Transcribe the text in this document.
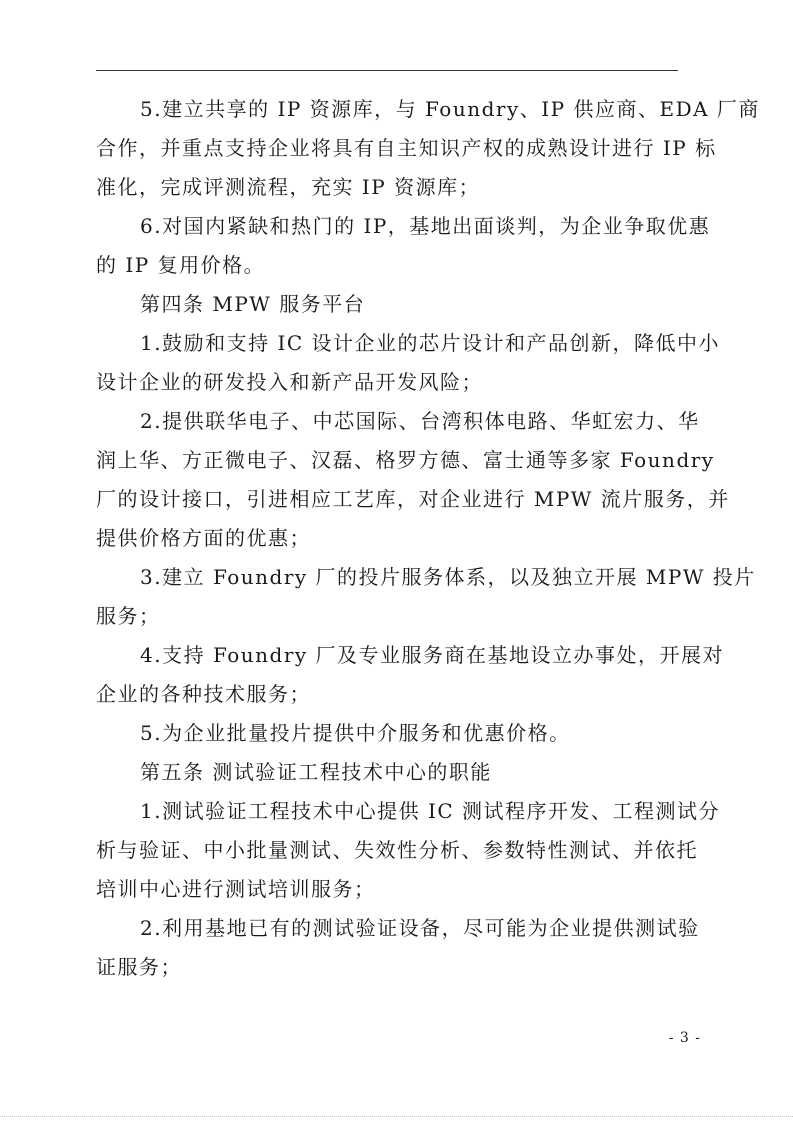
5.建立共享的 IP 资源库，与 Foundry、IP 供应商、EDA 厂商
合作，并重点支持企业将具有自主知识产权的成熟设计进行 IP 标
准化，完成评测流程，充实 IP 资源库；
6.对国内紧缺和热门的 IP，基地出面谈判，为企业争取优惠
的 IP 复用价格。
第四条 MPW 服务平台
1.鼓励和支持 IC 设计企业的芯片设计和产品创新，降低中小
设计企业的研发投入和新产品开发风险；
2.提供联华电子、中芯国际、台湾积体电路、华虹宏力、华
润上华、方正微电子、汉磊、格罗方德、富士通等多家 Foundry
厂的设计接口，引进相应工艺库，对企业进行 MPW 流片服务，并
提供价格方面的优惠；
3.建立 Foundry 厂的投片服务体系，以及独立开展 MPW 投片
服务；
4.支持 Foundry 厂及专业服务商在基地设立办事处，开展对
企业的各种技术服务；
5.为企业批量投片提供中介服务和优惠价格。
第五条 测试验证工程技术中心的职能
1.测试验证工程技术中心提供 IC 测试程序开发、工程测试分
析与验证、中小批量测试、失效性分析、参数特性测试、并依托
培训中心进行测试培训服务；
2.利用基地已有的测试验证设备，尽可能为企业提供测试验
证服务；
- 3 -
